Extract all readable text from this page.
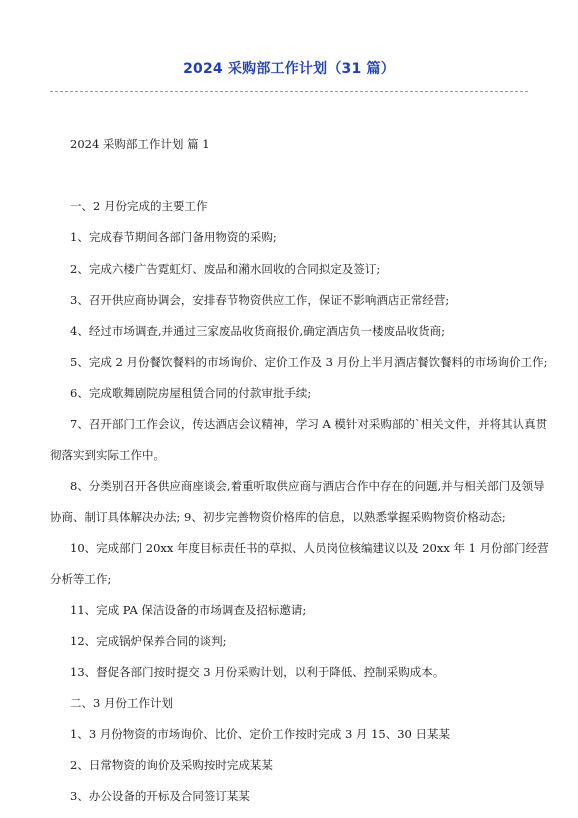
2024 采购部工作计划（31 篇）
2024 采购部工作计划 篇 1
一、2 月份完成的主要工作
1、完成春节期间各部门备用物资的采购;
2、完成六楼广告霓虹灯、废品和潲水回收的合同拟定及签订;
3、召开供应商协调会，安排春节物资供应工作，保证不影响酒店正常经营;
4、经过市场调查,并通过三家废品收货商报价,确定酒店负一楼废品收货商;
5、完成 2 月份餐饮餐料的市场询价、定价工作及 3 月份上半月酒店餐饮餐料的市场询价工作;
6、完成歌舞剧院房屋租赁合同的付款审批手续;
7、召开部门工作会议，传达酒店会议精神，学习 A 模针对采购部的`相关文件，并将其认真贯
彻落实到实际工作中。
8、分类别召开各供应商座谈会,着重听取供应商与酒店合作中存在的问题,并与相关部门及领导
协商、制订具体解决办法; 9、初步完善物资价格库的信息，以熟悉掌握采购物资价格动态;
10、完成部门 20xx 年度目标责任书的草拟、人员岗位核编建议以及 20xx 年 1 月份部门经营
分析等工作;
11、完成 PA 保洁设备的市场调查及招标邀请;
12、完成锅炉保养合同的谈判;
13、督促各部门按时提交 3 月份采购计划，以利于降低、控制采购成本。
二、3 月份工作计划
1、3 月份物资的市场询价、比价、定价工作按时完成 3 月 15、30 日某某
2、日常物资的询价及采购按时完成某某
3、办公设备的开标及合同签订某某
